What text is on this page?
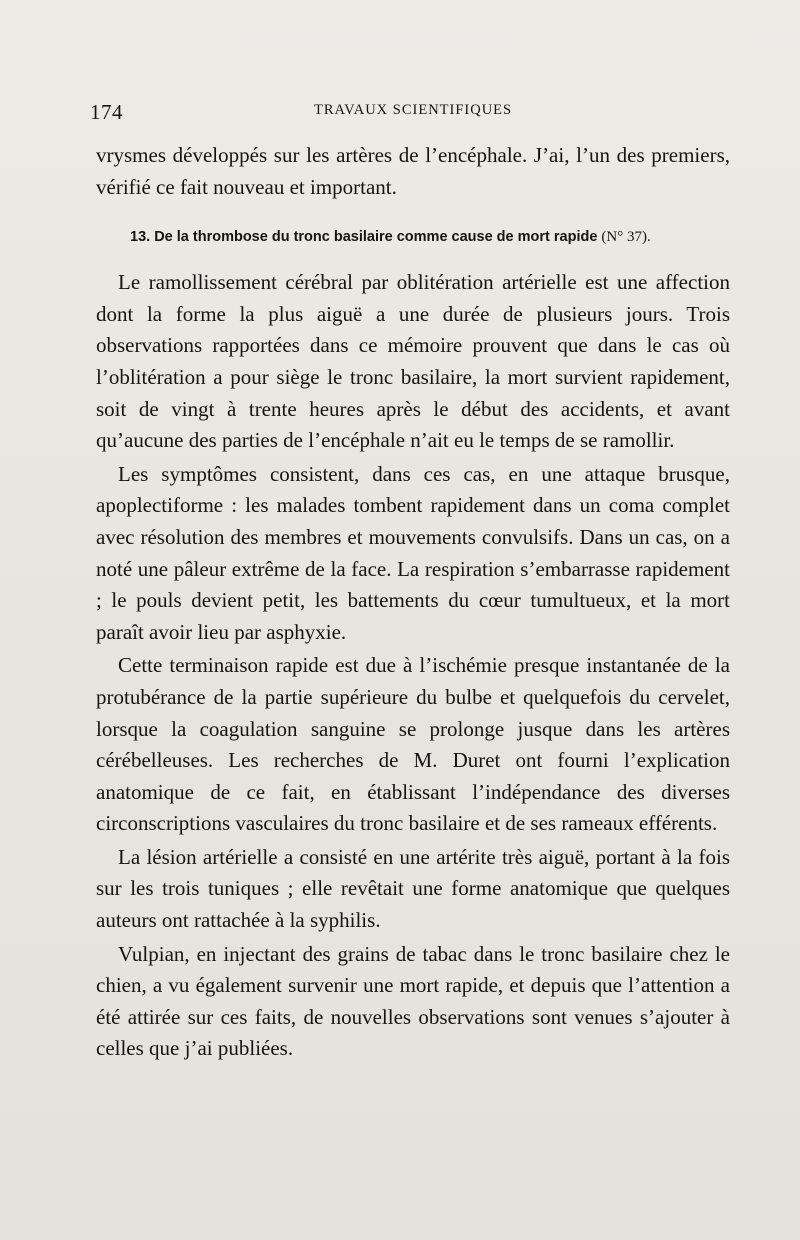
174	TRAVAUX SCIENTIFIQUES

vrysmes développés sur les artères de l’encéphale. J’ai, l’un des premiers, vérifié ce fait nouveau et important.

13. De la thrombose du tronc basilaire comme cause de mort rapide (N° 37).

Le ramollissement cérébral par oblitération artérielle est une affection dont la forme la plus aiguë a une durée de plusieurs jours. Trois observations rapportées dans ce mémoire prouvent que dans le cas où l’oblitération a pour siège le tronc basilaire, la mort survient rapidement, soit de vingt à trente heures après le début des accidents, et avant qu’aucune des parties de l’encéphale n’ait eu le temps de se ramollir.

Les symptômes consistent, dans ces cas, en une attaque brusque, apoplectiforme : les malades tombent rapidement dans un coma complet avec résolution des membres et mouvements convulsifs. Dans un cas, on a noté une pâleur extrême de la face. La respiration s’embarrasse rapidement ; le pouls devient petit, les battements du cœur tumultueux, et la mort paraît avoir lieu par asphyxie.

Cette terminaison rapide est due à l’ischémie presque instantanée de la protubérance de la partie supérieure du bulbe et quelquefois du cervelet, lorsque la coagulation sanguine se prolonge jusque dans les artères cérébelleuses. Les recherches de M. Duret ont fourni l’explication anatomique de ce fait, en établissant l’indépendance des diverses circonscriptions vasculaires du tronc basilaire et de ses rameaux efférents.

La lésion artérielle a consisté en une artérite très aiguë, portant à la fois sur les trois tuniques ; elle revêtait une forme anatomique que quelques auteurs ont rattachée à la syphilis.

Vulpian, en injectant des grains de tabac dans le tronc basilaire chez le chien, a vu également survenir une mort rapide, et depuis que l’attention a été attirée sur ces faits, de nouvelles observations sont venues s’ajouter à celles que j’ai publiées.
